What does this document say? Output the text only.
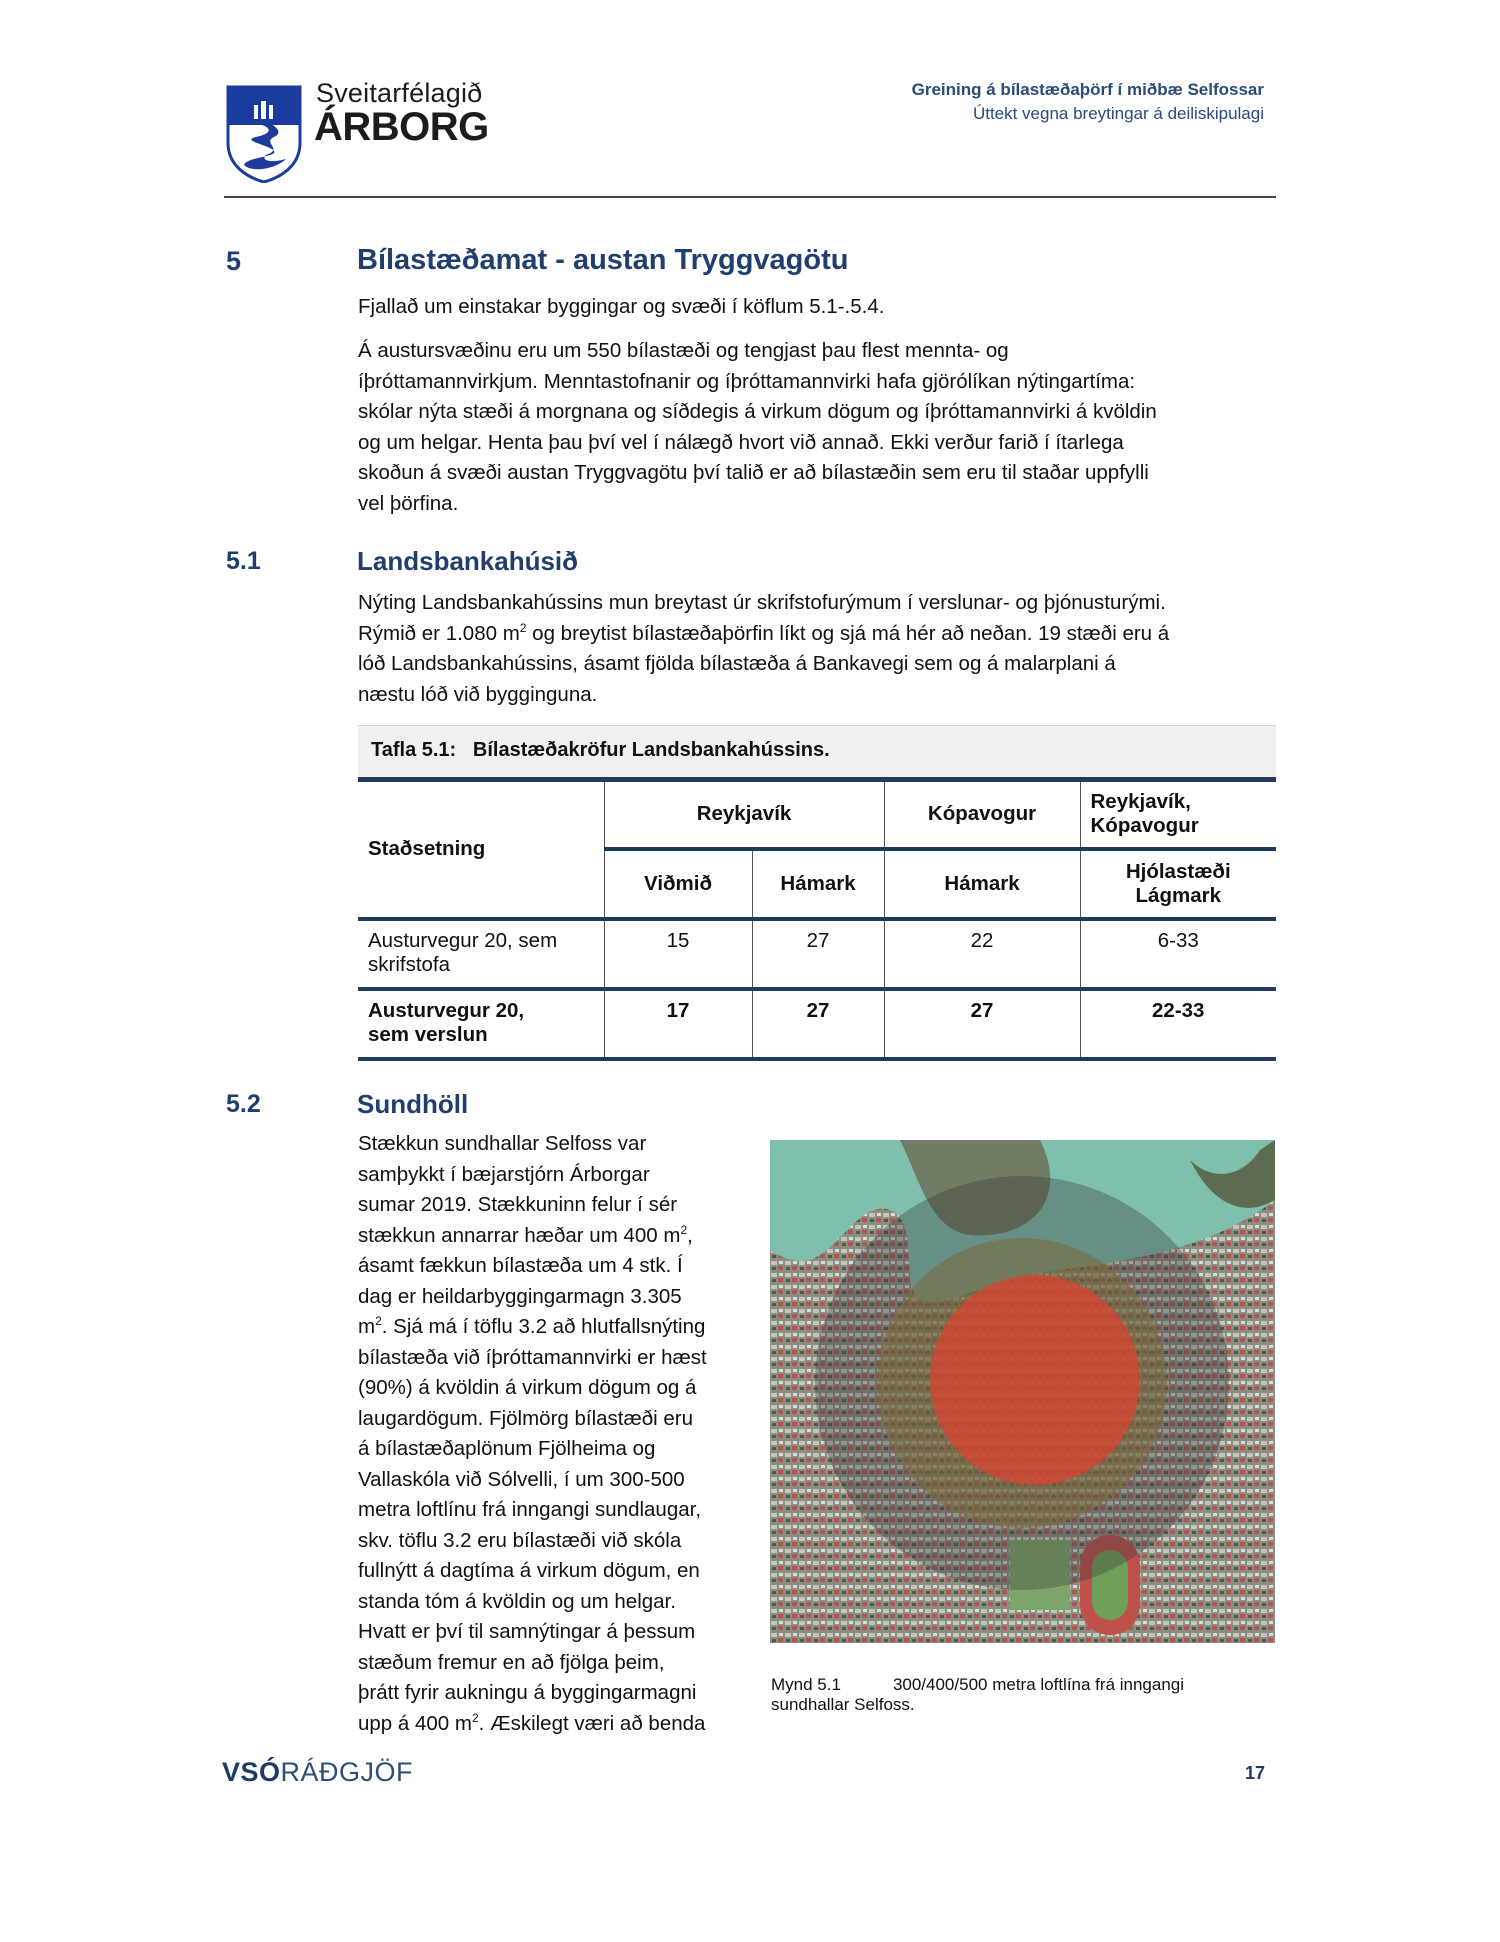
Sveitarfélagið
ÁRBORG
Greining á bílastæðaþörf í miðbæ Selfossar
Úttekt vegna breytingar á deiliskipulagi
5	Bílastæðamat - austan Tryggvagötu
Fjallað um einstakar byggingar og svæði í köflum 5.1-.5.4.

Á austursvæðinu eru um 550 bílastæði og tengjast þau flest mennta- og

íþróttamannvirkjum. Menntastofnanir og íþróttamannvirki hafa gjörólíkan nýtingartíma:

skólar nýta stæði á morgnana og síðdegis á virkum dögum og íþróttamannvirki á kvöldin

og um helgar. Henta þau því vel í nálægð hvort við annað. Ekki verður farið í ítarlega

skoðun á svæði austan Tryggvagötu því talið er að bílastæðin sem eru til staðar uppfylli

vel þörfina.

5.1	Landsbankahúsið

Nýting Landsbankahússins mun breytast úr skrifstofurýmum í verslunar- og þjónusturými.

Rýmið er 1.080 $m^2$ og breytist bílastæðaþörfin líkt og sjá má hér að neðan. 19 stæði eru á

lóð Landsbankahússins, ásamt fjölda bílastæða á Bankavegi sem og á malarplani á

næstu lóð við bygginguna.

Tafla 5.1:   Bílastæðakröfur Landsbankahússins.
Staðsetning	Reykjavík		Kópavogur	Reykjavík,
Kópavogur
	Viðmið	Hámark	Hámark	Hjólastæði
Lágmark
Austurvegur 20, sem
skrifstofa	15	27	22	6-33
Austurvegur 20,
sem verslun	17	27	27	22-33
5.2	Sundhöll

Stækkun sundhallar Selfoss var

samþykkt í bæjarstjórn Árborgar

sumar 2019. Stækkuninn felur í sér

stækkun annarrar hæðar um 400 $m^2$,

ásamt fækkun bílastæða um 4 stk. Í

dag er heildarbyggingarmagn 3.305

$m^2$. Sjá má í töflu 3.2 að hlutfallsnýting

bílastæða við íþróttamannvirki er hæst

(90%) á kvöldin á virkum dögum og á

laugardögum. Fjölmörg bílastæði eru

á bílastæðaplönum Fjölheima og

Vallaskóla við Sólvelli, í um 300-500

metra loftlínu frá inngangi sundlaugar,

skv. töflu 3.2 eru bílastæði við skóla

fullnýtt á dagtíma á virkum dögum, en

standa tóm á kvöldin og um helgar.

Hvatt er því til samnýtingar á þessum

stæðum fremur en að fjölga þeim,

þrátt fyrir aukningu á byggingarmagni

upp á 400 $m^2$. Æskilegt væri að benda

Mynd 5.1	300/400/500 metra loftlína frá inngangi
sundhallar Selfoss.
VSÓRÁÐGJÖF	17
